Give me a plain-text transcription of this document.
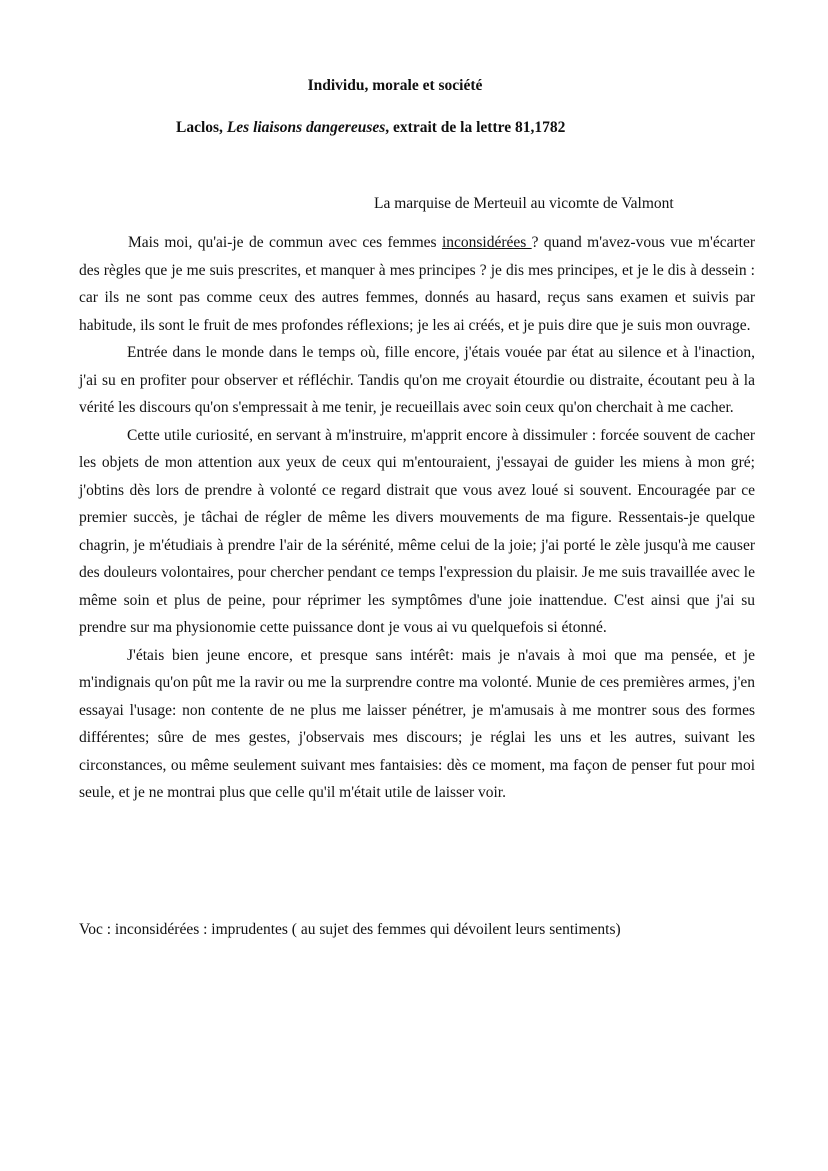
Individu, morale et société

Laclos, Les liaisons dangereuses, extrait de la lettre 81,1782

La marquise de Merteuil au vicomte de Valmont

Mais moi, qu'ai-je de commun avec ces femmes inconsidérées ? quand m'avez-vous vue m'écarter des règles que je me suis prescrites, et manquer à mes principes ? je dis mes principes, et je le dis à dessein : car ils ne sont pas comme ceux des autres femmes, donnés au hasard, reçus sans examen et suivis par habitude, ils sont le fruit de mes profondes réflexions; je les ai créés, et je puis dire que je suis mon ouvrage.

Entrée dans le monde dans le temps où, fille encore, j'étais vouée par état au silence et à l'inaction, j'ai su en profiter pour observer et réfléchir. Tandis qu'on me croyait étourdie ou distraite, écoutant peu à la vérité les discours qu'on s'empressait à me tenir, je recueillais avec soin ceux qu'on cherchait à me cacher.

Cette utile curiosité, en servant à m'instruire, m'apprit encore à dissimuler : forcée souvent de cacher les objets de mon attention aux yeux de ceux qui m'entouraient, j'essayai de guider les miens à mon gré; j'obtins dès lors de prendre à volonté ce regard distrait que vous avez loué si souvent. Encouragée par ce premier succès, je tâchai de régler de même les divers mouvements de ma figure. Ressentais-je quelque chagrin, je m'étudiais à prendre l'air de la sérénité, même celui de la joie; j'ai porté le zèle jusqu'à me causer des douleurs volontaires, pour chercher pendant ce temps l'expression du plaisir. Je me suis travaillée avec le même soin et plus de peine, pour réprimer les symptômes d'une joie inattendue. C'est ainsi que j'ai su prendre sur ma physionomie cette puissance dont je vous ai vu quelquefois si étonné.

J'étais bien jeune encore, et presque sans intérêt: mais je n'avais à moi que ma pensée, et je m'indignais qu'on pût me la ravir ou me la surprendre contre ma volonté. Munie de ces premières armes, j'en essayai l'usage: non contente de ne plus me laisser pénétrer, je m'amusais à me montrer sous des formes différentes; sûre de mes gestes, j'observais mes discours; je réglai les uns et les autres, suivant les circonstances, ou même seulement suivant mes fantaisies: dès ce moment, ma façon de penser fut pour moi seule, et je ne montrai plus que celle qu'il m'était utile de laisser voir.

Voc : inconsidérées : imprudentes ( au sujet des femmes qui dévoilent leurs sentiments)
